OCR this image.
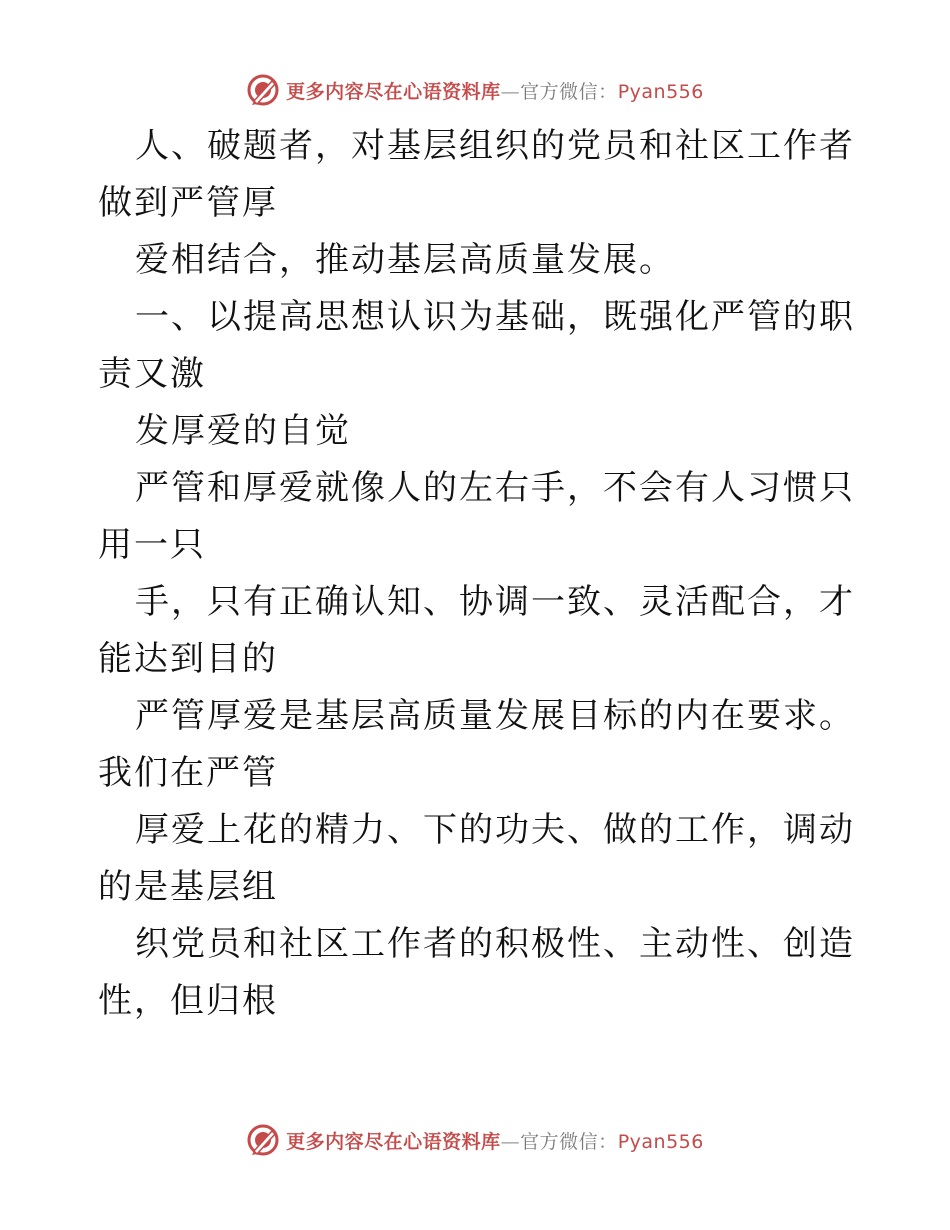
更多内容尽在心语资料库—官方微信：Pyan556

人、破题者，对基层组织的党员和社区工作者做到严管厚

爱相结合，推动基层高质量发展。

一、以提高思想认识为基础，既强化严管的职责又激

发厚爱的自觉

严管和厚爱就像人的左右手，不会有人习惯只用一只

手，只有正确认知、协调一致、灵活配合，才能达到目的

严管厚爱是基层高质量发展目标的内在要求。我们在严管

厚爱上花的精力、下的功夫、做的工作，调动的是基层组

织党员和社区工作者的积极性、主动性、创造性，但归根

更多内容尽在心语资料库—官方微信：Pyan556
